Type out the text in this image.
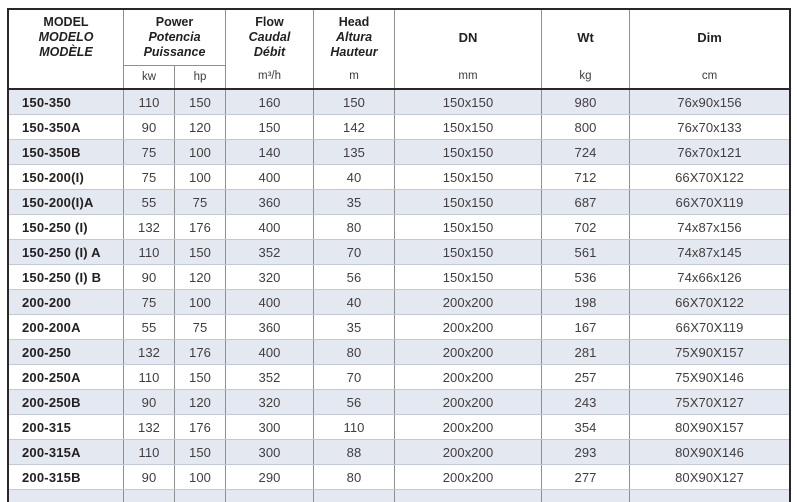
MODEL
MODELO
MODÈLE
Power
Potencia
Puissance
kw	hp
Flow
Caudal
Débit
m³/h
Head
Altura
Hauteur
m
DN
mm
Wt
kg
Dim
cm
150-350	110	150	160	150	150x150	980	76x90x156
150-350A	90	120	150	142	150x150	800	76x70x133
150-350B	75	100	140	135	150x150	724	76x70x121
150-200(I)	75	100	400	40	150x150	712	66X70X122
150-200(I)A	55	75	360	35	150x150	687	66X70X119
150-250 (I)	132	176	400	80	150x150	702	74x87x156
150-250 (I) A	110	150	352	70	150x150	561	74x87x145
150-250 (I) B	90	120	320	56	150x150	536	74x66x126
200-200	75	100	400	40	200x200	198	66X70X122
200-200A	55	75	360	35	200x200	167	66X70X119
200-250	132	176	400	80	200x200	281	75X90X157
200-250A	110	150	352	70	200x200	257	75X90X146
200-250B	90	120	320	56	200x200	243	75X70X127
200-315	132	176	300	110	200x200	354	80X90X157
200-315A	110	150	300	88	200x200	293	80X90X146
200-315B	90	100	290	80	200x200	277	80X90X127
